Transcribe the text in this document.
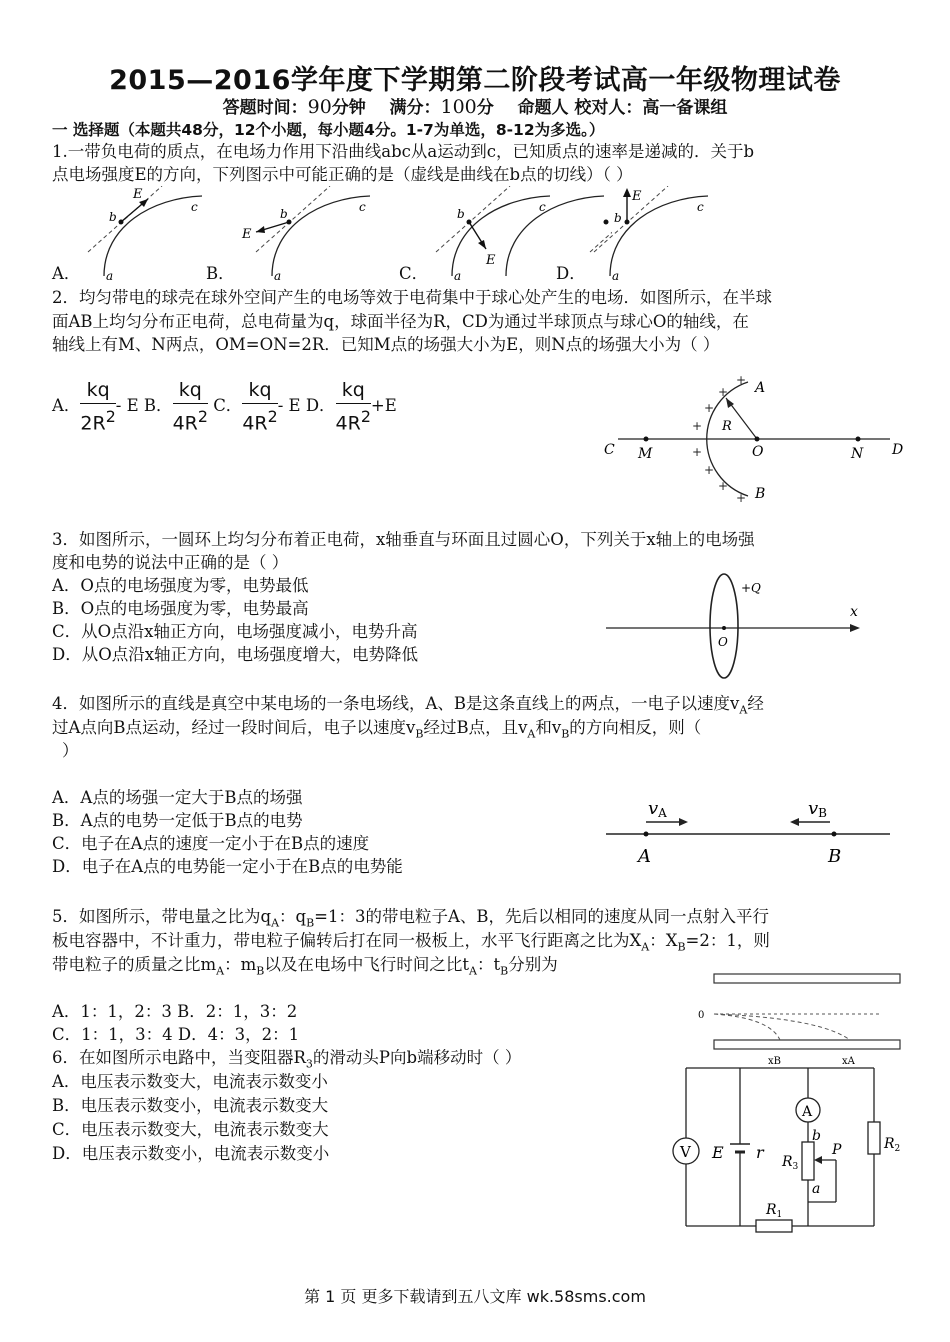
2015—2016学年度下学期第二阶段考试高一年级物理试卷
答题时间：90分钟 满分：100分 命题人 校对人：高一备课组
一 选择题（本题共48分，12个小题，每小题4分。1-7为单选，8-12为多选。）
1.一带负电荷的质点，在电场力作用下沿曲线abc从a运动到c，已知质点的速率是递减的．关于b
点电场强度E的方向，下列图示中可能正确的是（虚线是曲线在b点的切线）（ ）
E
b
c
a
E
b	c
a
E
b	c
a
E
b
c
a
A．	B．	C．	D．
2．均匀带电的球壳在球外空间产生的电场等效于电荷集中于球心处产生的电场．如图所示，在半球
面AB上均匀分布正电荷，总电荷量为q，球面半径为R，CD为通过半球顶点与球心O的轴线，在
轴线上有M、N两点，OM=ON=2R．已知M点的场强大小为E，则N点的场强大小为（ ）
A． $\frac{kq}{2R^2}$ - E B． $\frac{kq}{4R^2}$ C． $\frac{kq}{4R^2}$ - E D． $\frac{kq}{4R^2} +E$
+
+
+
+
+
+
+
+
A
B
C	D
M	O	N
R
3．如图所示，一圆环上均匀分布着正电荷，x轴垂直与环面且过圆心O，下列关于x轴上的电场强
度和电势的说法中正确的是（ ）
A．O点的电场强度为零，电势最低
B．O点的电场强度为零，电势最高
C．从O点沿x轴正方向，电场强度减小，电势升高
D．从O点沿x轴正方向，电场强度增大，电势降低
+Q
x
O
4．如图所示的直线是真空中某电场的一条电场线，A、B是这条直线上的两点，一电子以速度$v_A$经
过A点向B点运动，经过一段时间后，电子以速度$v_B$经过B点，且$v_A$和$v_B$的方向相反，则（
）
A．A点的场强一定大于B点的场强
B．A点的电势一定低于B点的电势
C．电子在A点的速度一定小于在B点的速度
D．电子在A点的电势能一定小于在B点的电势能
vA	vB
A	B
5．如图所示，带电量之比为$q_A$：$q_B=1$：3的带电粒子A、B，先后以相同的速度从同一点射入平行
板电容器中，不计重力，带电粒子偏转后打在同一极板上，水平飞行距离之比为$X_A$：$X_B=2$：1，则
带电粒子的质量之比$m_A$：$m_B$以及在电场中飞行时间之比$t_A$：$t_B$分别为
A．1：1，2：3 B．2：1，3：2
C．1：1，3：4 D．4：3，2：1
0
xB	xA
6．在如图所示电路中，当变阻器$R_3$的滑动头P向b端移动时（ ）
A．电压表示数变大，电流表示数变小
B．电压表示数变小，电流表示数变大
C．电压表示数变大，电流表示数变大
D．电压表示数变小，电流表示数变小	V
A
E r
b
P
a
$R_3$
$R_2$
$R_1$
第 1 页 更多下载请到五八文库 wk.58sms.com
